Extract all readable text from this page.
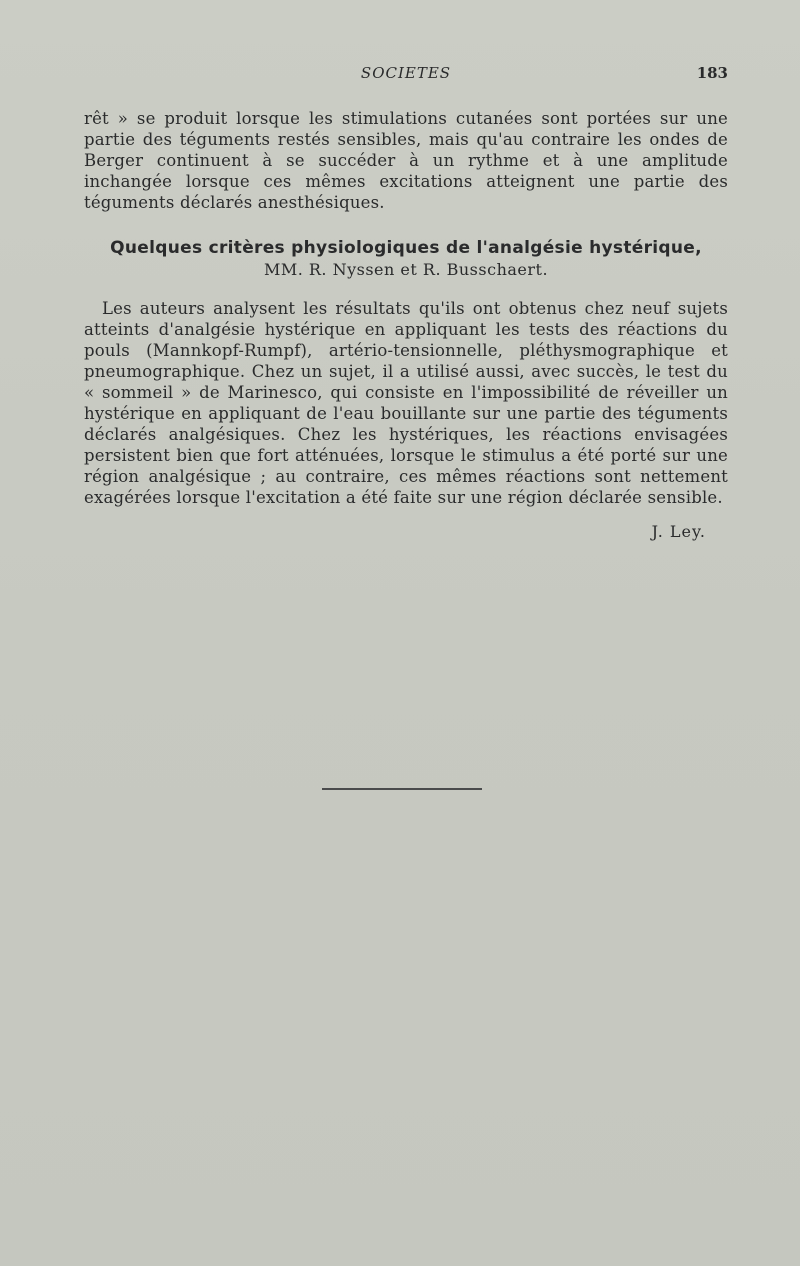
SOCIETES	183

rêt » se produit lorsque les stimulations cutanées sont portées sur une partie des téguments restés sensibles, mais qu'au contraire les ondes de Berger continuent à se succéder à un rythme et à une amplitude inchangée lorsque ces mêmes excitations atteignent une partie des téguments déclarés anesthésiques.

Quelques critères physiologiques de l'analgésie hystérique,
MM. R. Nyssen et R. Busschaert.

Les auteurs analysent les résultats qu'ils ont obtenus chez neuf sujets atteints d'analgésie hystérique en appliquant les tests des réactions du pouls (Mannkopf-Rumpf), artério-tensionnelle, pléthysmographique et pneumographique. Chez un sujet, il a utilisé aussi, avec succès, le test du « sommeil » de Marinesco, qui consiste en l'impossibilité de réveiller un hystérique en appliquant de l'eau bouillante sur une partie des téguments déclarés analgésiques. Chez les hystériques, les réactions envisagées persistent bien que fort atténuées, lorsque le stimulus a été porté sur une région analgésique ; au contraire, ces mêmes réactions sont nettement exagérées lorsque l'excitation a été faite sur une région déclarée sensible.

J. Ley.
